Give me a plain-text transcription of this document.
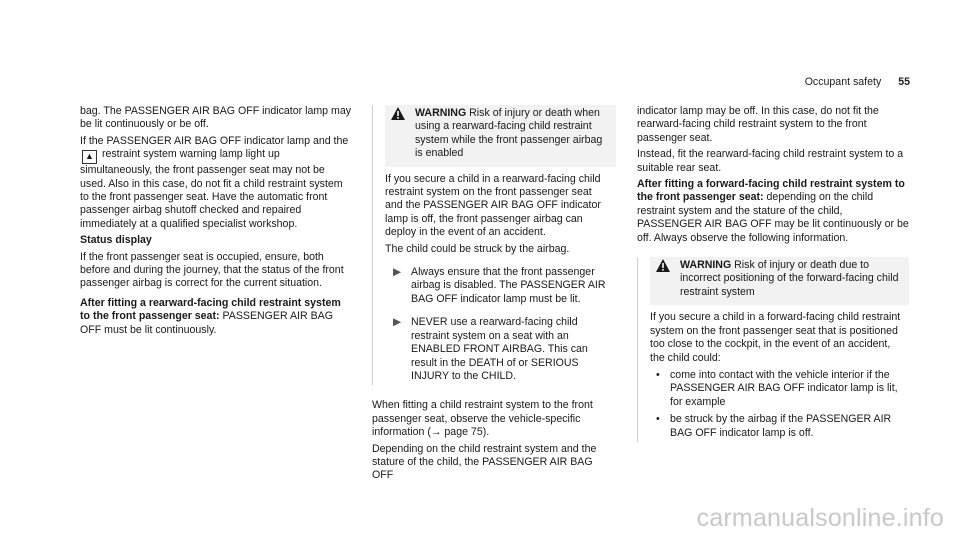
Occupant safety 55

bag. The PASSENGER AIR BAG OFF indicator lamp may be lit continuously or be off.

If the PASSENGER AIR BAG OFF indicator lamp and the ▲ restraint system warning lamp light up simultaneously, the front passenger seat may not be used. Also in this case, do not fit a child restraint system to the front passenger seat. Have the automatic front passenger airbag shutoff checked and repaired immediately at a qualified specialist workshop.

Status display

If the front passenger seat is occupied, ensure, both before and during the journey, that the status of the front passenger airbag is correct for the current situation.

After fitting a rearward-facing child restraint system to the front passenger seat: PASSENGER AIR BAG OFF must be lit continuously.

WARNING Risk of injury or death when using a rearward-facing child restraint system while the front passenger airbag is enabled

If you secure a child in a rearward-facing child restraint system on the front passenger seat and the PASSENGER AIR BAG OFF indicator lamp is off, the front passenger airbag can deploy in the event of an accident.

The child could be struck by the airbag.

▶ Always ensure that the front passenger airbag is disabled. The PASSENGER AIR BAG OFF indicator lamp must be lit.
▶ NEVER use a rearward-facing child restraint system on a seat with an ENABLED FRONT AIRBAG. This can result in the DEATH of or SERIOUS INJURY to the CHILD.

When fitting a child restraint system to the front passenger seat, observe the vehicle-specific information (→ page 75).

Depending on the child restraint system and the stature of the child, the PASSENGER AIR BAG OFF

indicator lamp may be off. In this case, do not fit the rearward-facing child restraint system to the front passenger seat.

Instead, fit the rearward-facing child restraint system to a suitable rear seat.

After fitting a forward-facing child restraint system to the front passenger seat: depending on the child restraint system and the stature of the child, PASSENGER AIR BAG OFF may be lit continuously or be off. Always observe the following information.

WARNING Risk of injury or death due to incorrect positioning of the forward-facing child restraint system

If you secure a child in a forward-facing child restraint system on the front passenger seat that is positioned too close to the cockpit, in the event of an accident, the child could:

• come into contact with the vehicle interior if the PASSENGER AIR BAG OFF indicator lamp is lit, for example
• be struck by the airbag if the PASSENGER AIR BAG OFF indicator lamp is off.
carmanualsonline.info
